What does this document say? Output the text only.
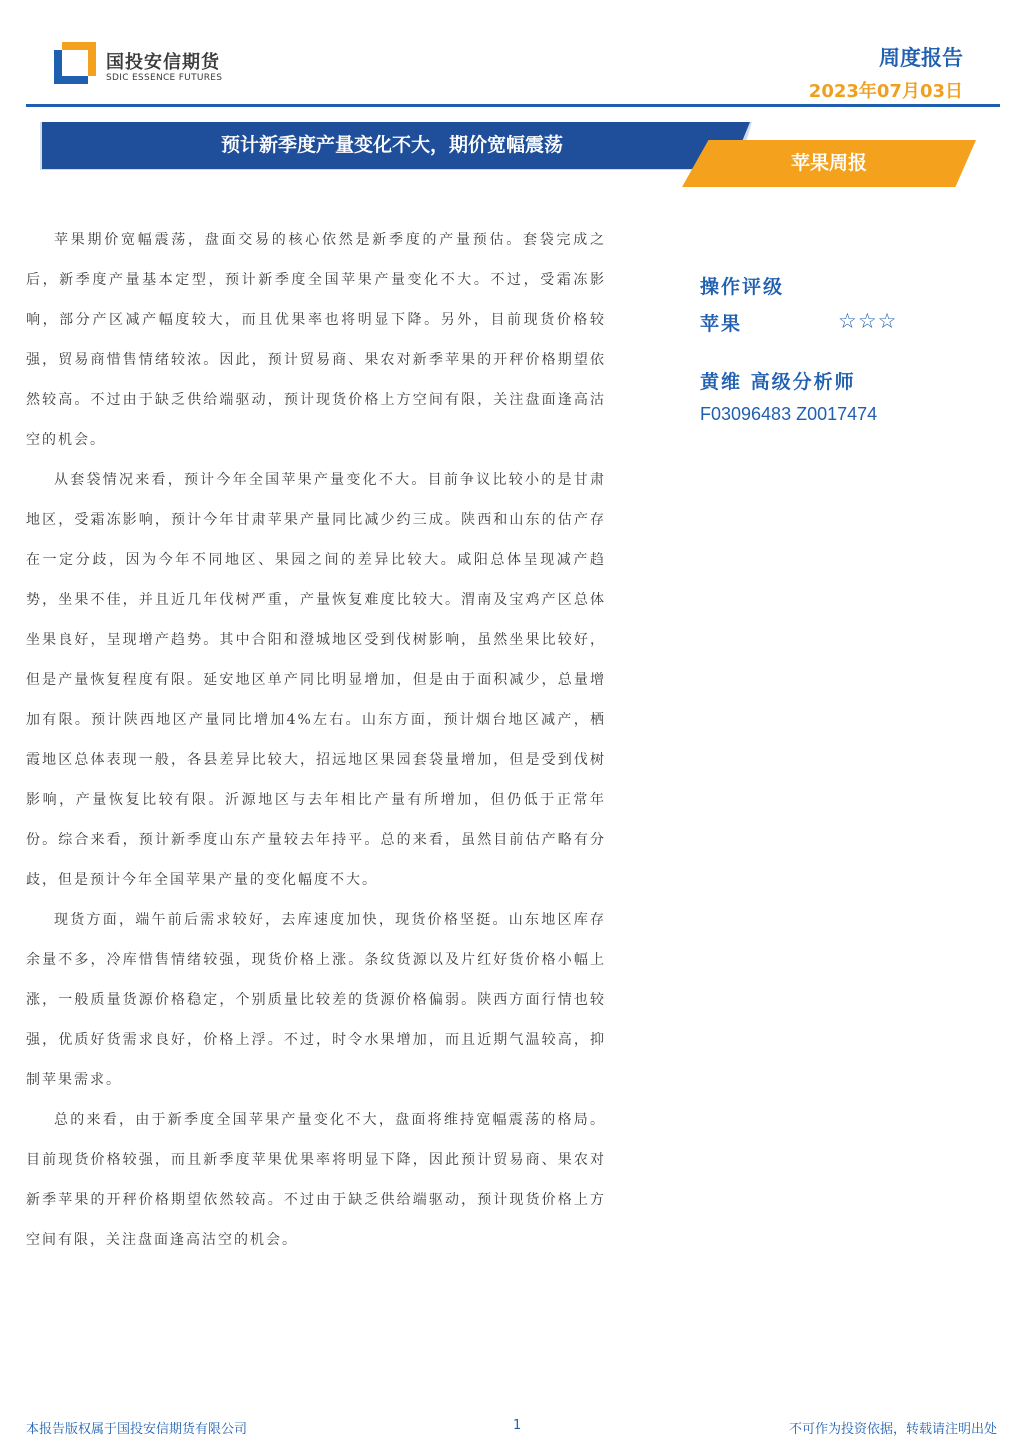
国投安信期货
SDIC ESSENCE FUTURES
周度报告
2023年07月03日
预计新季度产量变化不大，期价宽幅震荡
苹果周报

苹果期价宽幅震荡，盘面交易的核心依然是新季度的产量预估。套袋完成之后，新季度产量基本定型，预计新季度全国苹果产量变化不大。不过，受霜冻影响，部分产区减产幅度较大，而且优果率也将明显下降。另外，目前现货价格较强，贸易商惜售情绪较浓。因此，预计贸易商、果农对新季苹果的开秤价格期望依然较高。不过由于缺乏供给端驱动，预计现货价格上方空间有限，关注盘面逢高沽空的机会。

从套袋情况来看，预计今年全国苹果产量变化不大。目前争议比较小的是甘肃地区，受霜冻影响，预计今年甘肃苹果产量同比减少约三成。陕西和山东的估产存在一定分歧，因为今年不同地区、果园之间的差异比较大。咸阳总体呈现减产趋势，坐果不佳，并且近几年伐树严重，产量恢复难度比较大。渭南及宝鸡产区总体坐果良好，呈现增产趋势。其中合阳和澄城地区受到伐树影响，虽然坐果比较好，但是产量恢复程度有限。延安地区单产同比明显增加，但是由于面积减少，总量增加有限。预计陕西地区产量同比增加4%左右。山东方面，预计烟台地区减产，栖霞地区总体表现一般，各县差异比较大，招远地区果园套袋量增加，但是受到伐树影响，产量恢复比较有限。沂源地区与去年相比产量有所增加，但仍低于正常年份。综合来看，预计新季度山东产量较去年持平。总的来看，虽然目前估产略有分歧，但是预计今年全国苹果产量的变化幅度不大。

现货方面，端午前后需求较好，去库速度加快，现货价格坚挺。山东地区库存余量不多，冷库惜售情绪较强，现货价格上涨。条纹货源以及片红好货价格小幅上涨，一般质量货源价格稳定，个别质量比较差的货源价格偏弱。陕西方面行情也较强，优质好货需求良好，价格上浮。不过，时令水果增加，而且近期气温较高，抑制苹果需求。

总的来看，由于新季度全国苹果产量变化不大，盘面将维持宽幅震荡的格局。目前现货价格较强，而且新季度苹果优果率将明显下降，因此预计贸易商、果农对新季苹果的开秤价格期望依然较高。不过由于缺乏供给端驱动，预计现货价格上方空间有限，关注盘面逢高沽空的机会。

操作评级
苹果	☆☆☆
黄维 高级分析师
F03096483 Z0017474
本报告版权属于国投安信期货有限公司	1	不可作为投资依据，转载请注明出处
